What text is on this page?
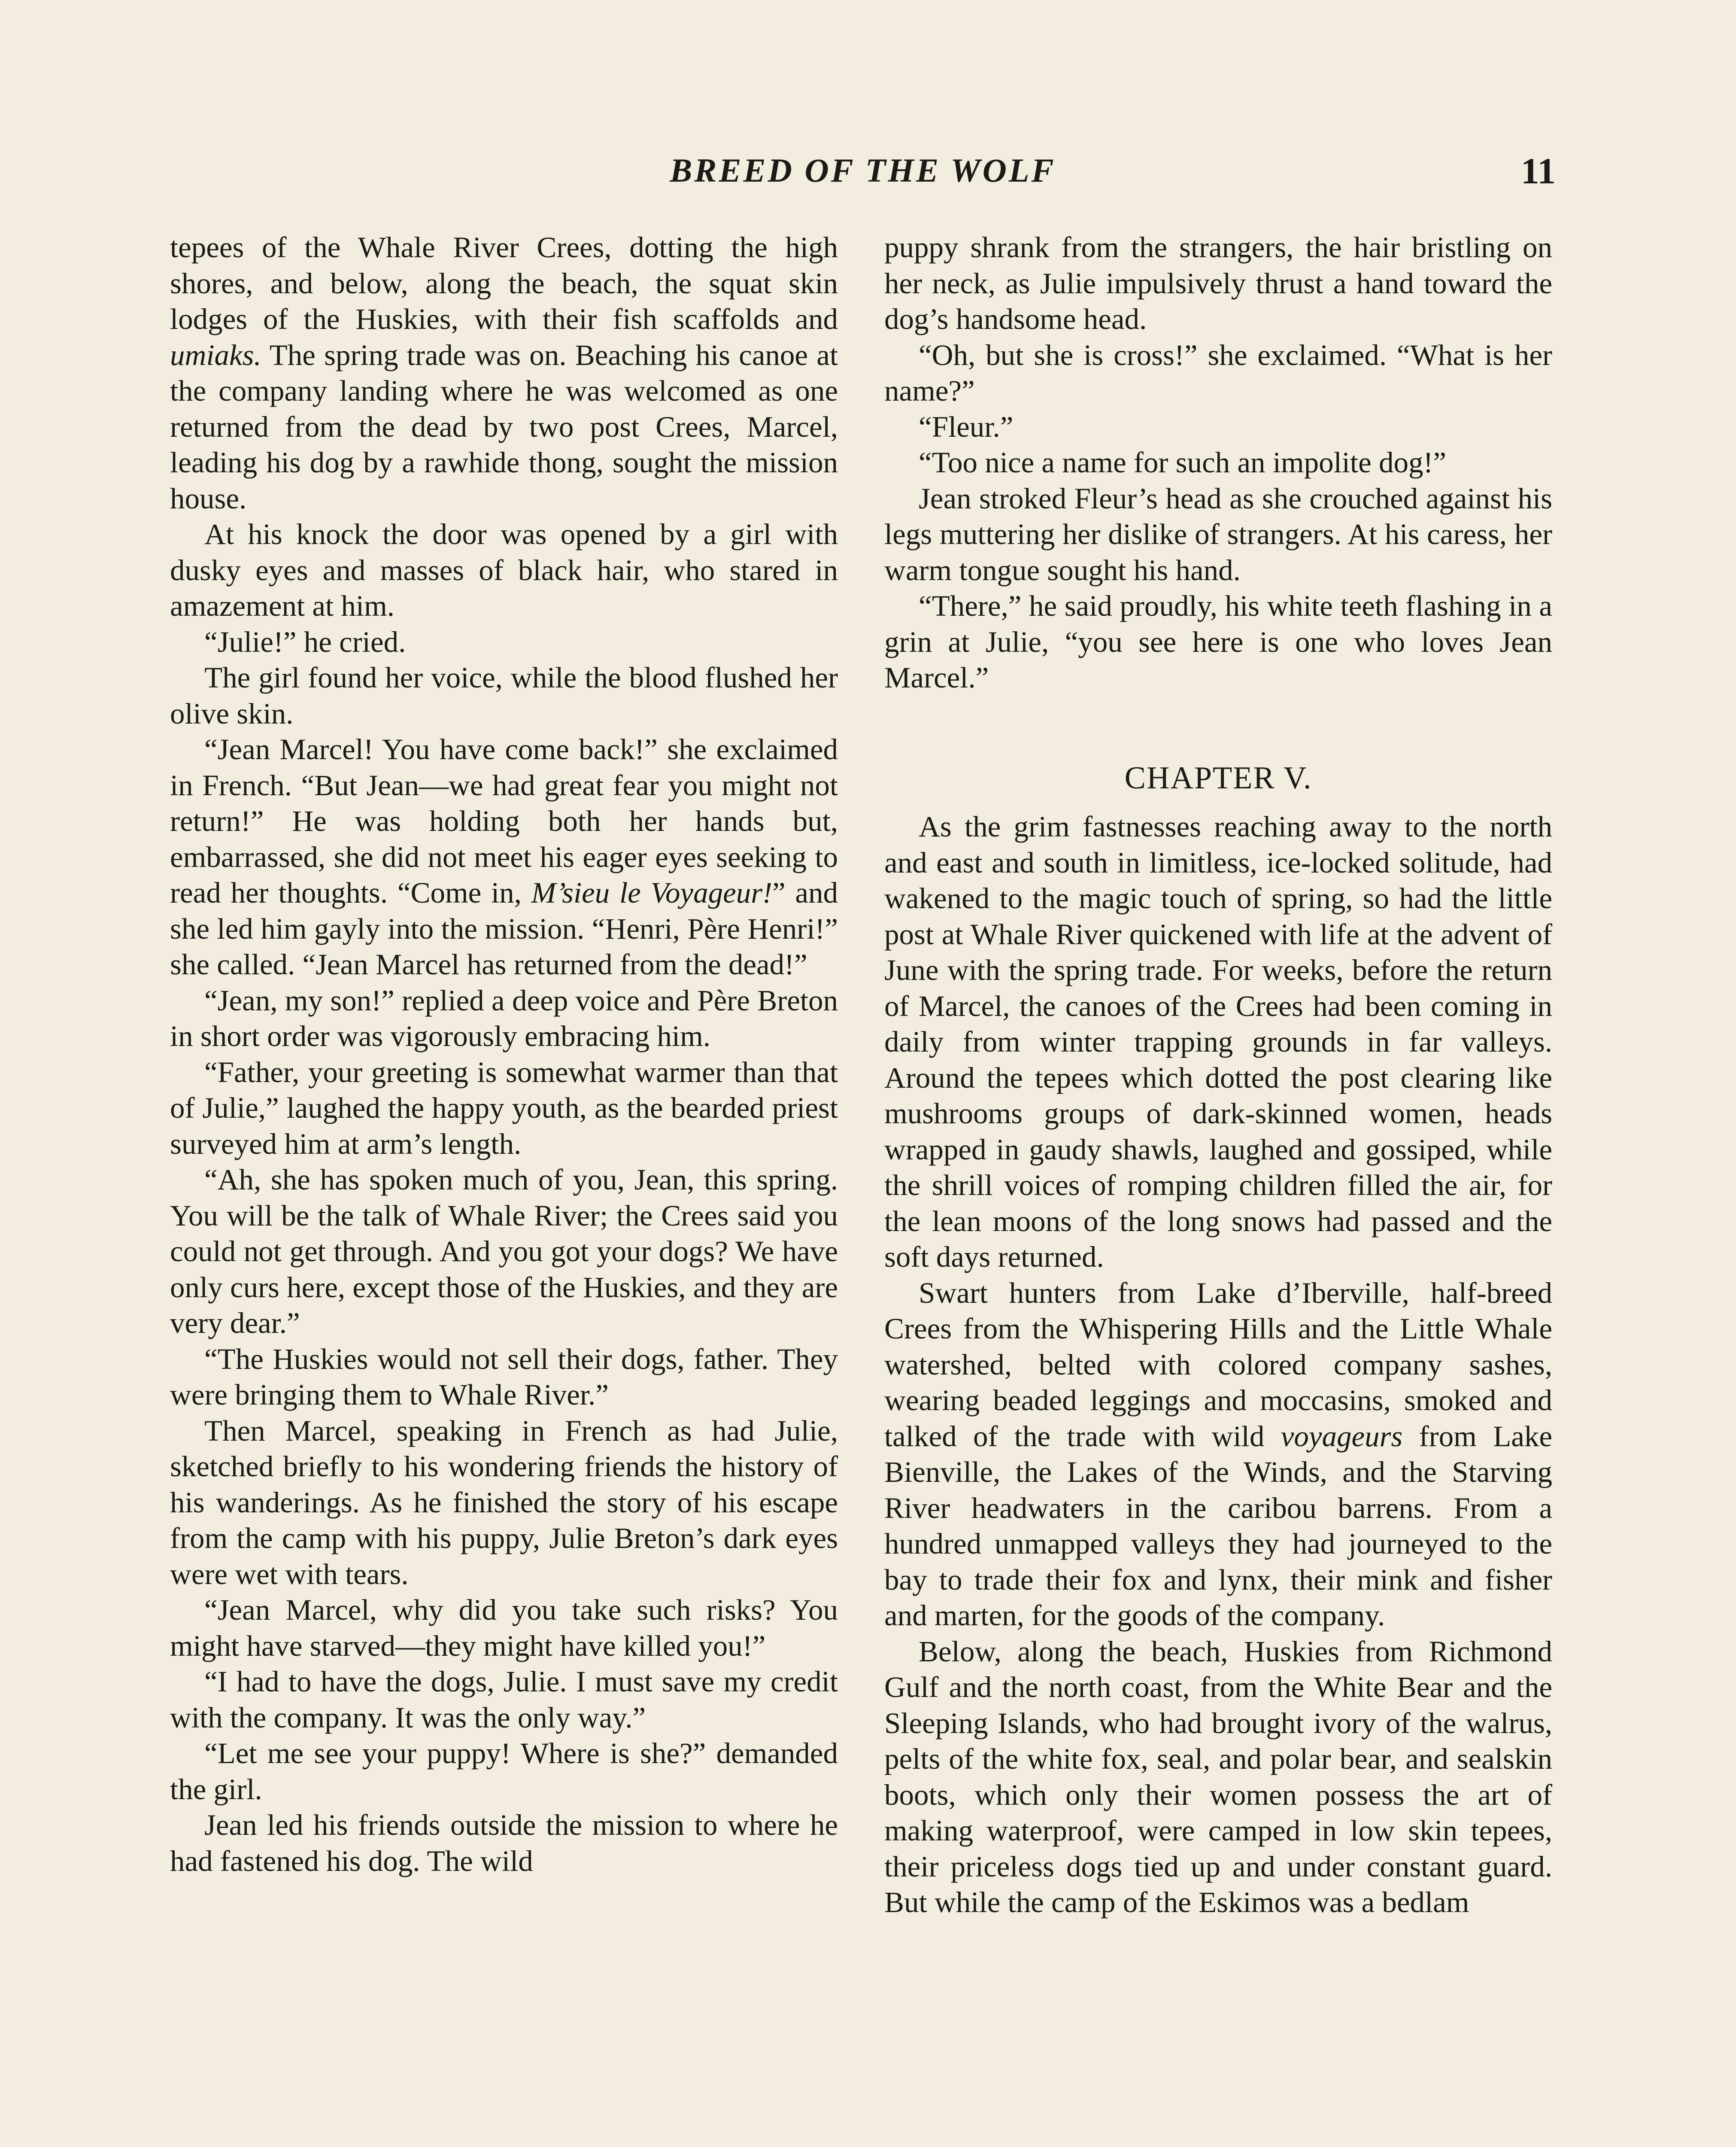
BREED OF THE WOLF	11

tepees of the Whale River Crees, dotting the high shores, and below, along the beach, the squat skin lodges of the Huskies, with their fish scaffolds and umiaks. The spring trade was on. Beaching his canoe at the company landing where he was welcomed as one returned from the dead by two post Crees, Marcel, leading his dog by a rawhide thong, sought the mission house.

At his knock the door was opened by a girl with dusky eyes and masses of black hair, who stared in amazement at him.

“Julie!” he cried.

The girl found her voice, while the blood flushed her olive skin.

“Jean Marcel! You have come back!” she exclaimed in French. “But Jean—we had great fear you might not return!” He was holding both her hands but, embarrassed, she did not meet his eager eyes seeking to read her thoughts. “Come in, M’sieu le Voyageur!” and she led him gayly into the mission. “Henri, Père Henri!” she called. “Jean Marcel has returned from the dead!”

“Jean, my son!” replied a deep voice and Père Breton in short order was vigorously embracing him.

“Father, your greeting is somewhat warmer than that of Julie,” laughed the happy youth, as the bearded priest surveyed him at arm’s length.

“Ah, she has spoken much of you, Jean, this spring. You will be the talk of Whale River; the Crees said you could not get through. And you got your dogs? We have only curs here, except those of the Huskies, and they are very dear.”

“The Huskies would not sell their dogs, father. They were bringing them to Whale River.”

Then Marcel, speaking in French as had Julie, sketched briefly to his wondering friends the history of his wanderings. As he finished the story of his escape from the camp with his puppy, Julie Breton’s dark eyes were wet with tears.

“Jean Marcel, why did you take such risks? You might have starved—they might have killed you!”

“I had to have the dogs, Julie. I must save my credit with the company. It was the only way.”

“Let me see your puppy! Where is she?” demanded the girl.

Jean led his friends outside the mission to where he had fastened his dog. The wild

puppy shrank from the strangers, the hair bristling on her neck, as Julie impulsively thrust a hand toward the dog’s handsome head.

“Oh, but she is cross!” she exclaimed. “What is her name?”

“Fleur.”

“Too nice a name for such an impolite dog!”

Jean stroked Fleur’s head as she crouched against his legs muttering her dislike of strangers. At his caress, her warm tongue sought his hand.

“There,” he said proudly, his white teeth flashing in a grin at Julie, “you see here is one who loves Jean Marcel.”

CHAPTER V.

As the grim fastnesses reaching away to the north and east and south in limitless, ice-locked solitude, had wakened to the magic touch of spring, so had the little post at Whale River quickened with life at the advent of June with the spring trade. For weeks, before the return of Marcel, the canoes of the Crees had been coming in daily from winter trapping grounds in far valleys. Around the tepees which dotted the post clearing like mushrooms groups of dark-skinned women, heads wrapped in gaudy shawls, laughed and gossiped, while the shrill voices of romping children filled the air, for the lean moons of the long snows had passed and the soft days returned.

Swart hunters from Lake d’Iberville, half-breed Crees from the Whispering Hills and the Little Whale watershed, belted with colored company sashes, wearing beaded leggings and moccasins, smoked and talked of the trade with wild voyageurs from Lake Bienville, the Lakes of the Winds, and the Starving River headwaters in the caribou barrens. From a hundred unmapped valleys they had journeyed to the bay to trade their fox and lynx, their mink and fisher and marten, for the goods of the company.

Below, along the beach, Huskies from Richmond Gulf and the north coast, from the White Bear and the Sleeping Islands, who had brought ivory of the walrus, pelts of the white fox, seal, and polar bear, and sealskin boots, which only their women possess the art of making waterproof, were camped in low skin tepees, their priceless dogs tied up and under constant guard. But while the camp of the Eskimos was a bedlam
